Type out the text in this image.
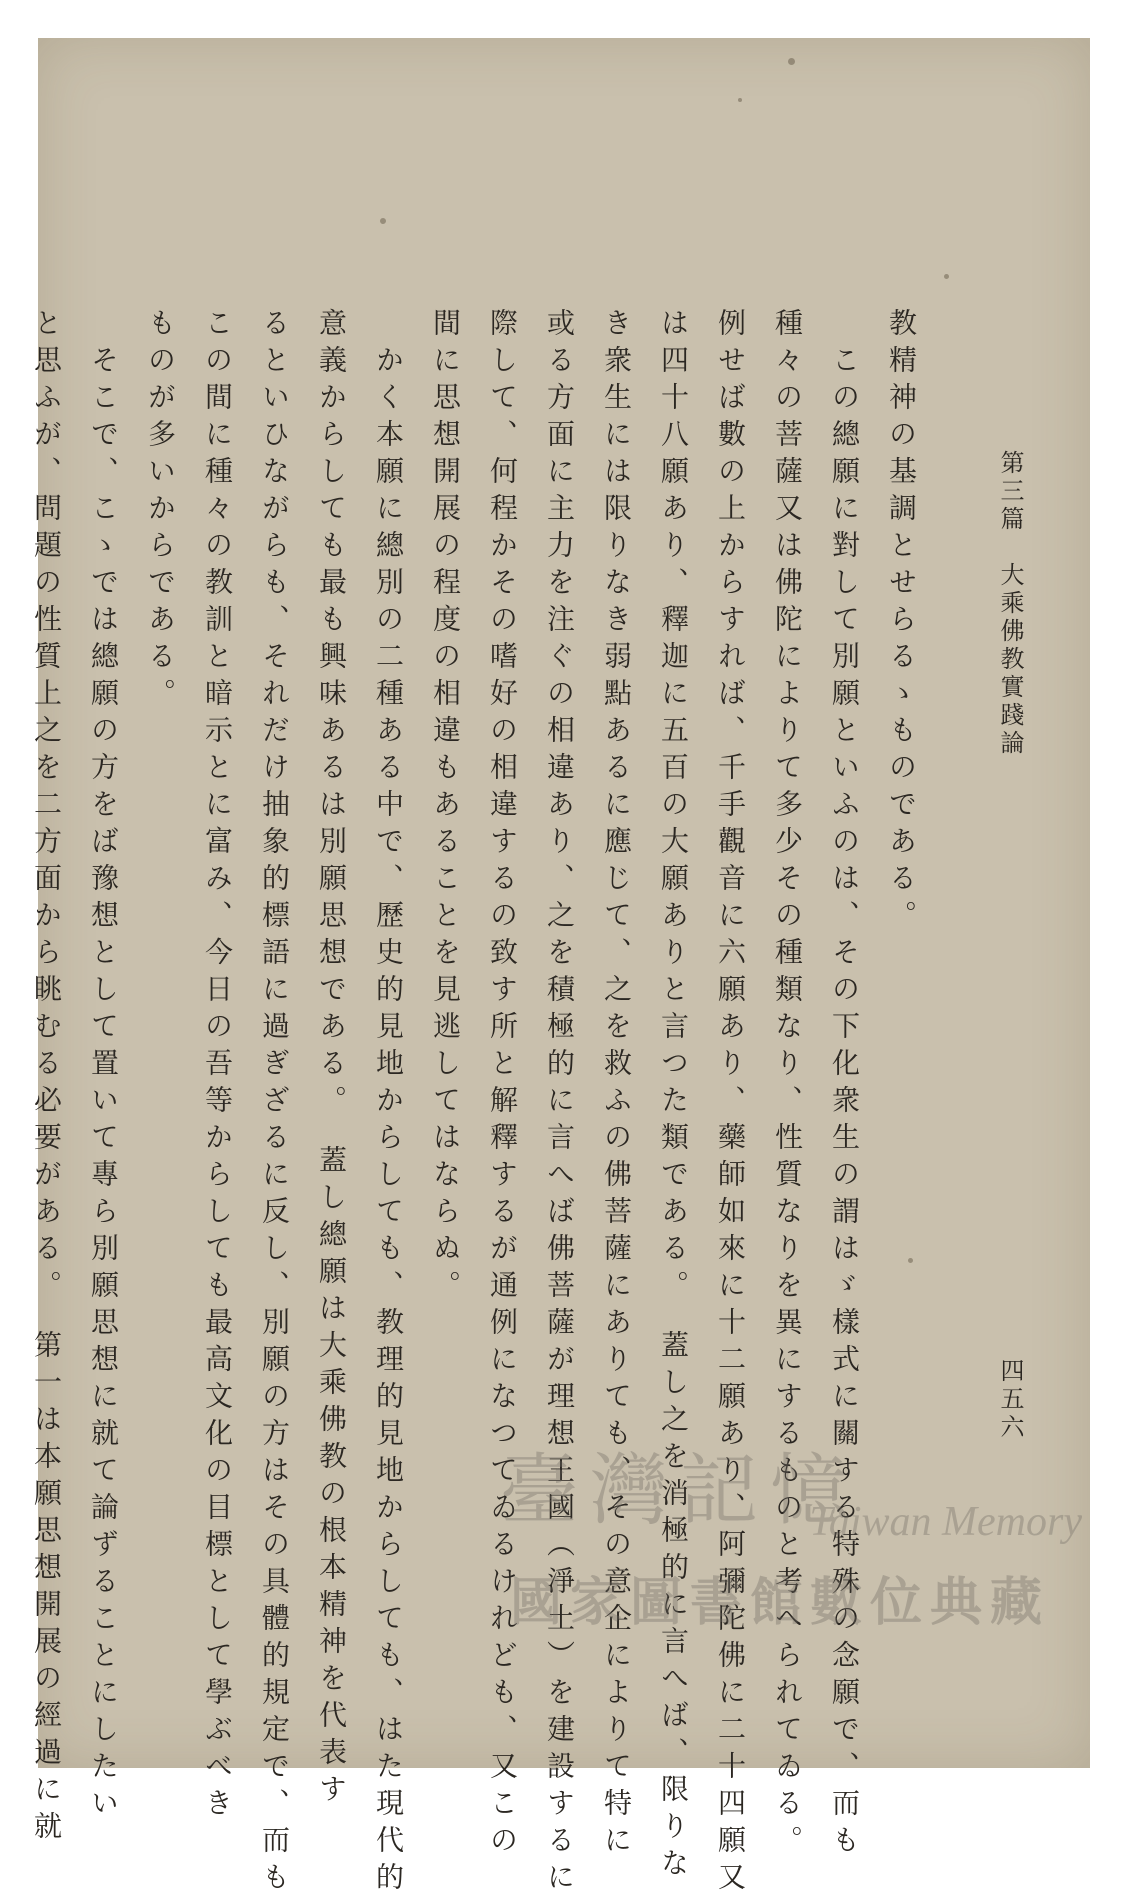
第三篇　大乘佛教實踐論
教精神の基調とせらるゝものである。
　この總願に對して別願といふのは、その下化衆生の謂はゞ樣式に關する特殊の念願で、而も
種々の菩薩又は佛陀によりて多少その種類なり、性質なりを異にするものと考へられてゐる。
例せば數の上からすれば、千手觀音に六願あり、藥師如來に十二願あり、阿彌陀佛に二十四願又
は四十八願あり、釋迦に五百の大願ありと言つた類である。　蓋し之を消極的に言へば、限りな
き衆生には限りなき弱點あるに應じて、之を救ふの佛菩薩にありても、その意企によりて特に
或る方面に主力を注ぐの相違あり、之を積極的に言へば佛菩薩が理想王國（淨土）を建設するに
際して、何程かその嗜好の相違するの致す所と解釋するが通例になつてゐるけれども、又この
間に思想開展の程度の相違もあることを見逃してはならぬ。
　かく本願に總別の二種ある中で、歷史的見地からしても、教理的見地からしても、はた現代的
意義からしても最も興味あるは別願思想である。　蓋し總願は大乘佛教の根本精神を代表す
るといひながらも、それだけ抽象的標語に過ぎざるに反し、別願の方はその具體的規定で、而も
この間に種々の教訓と暗示とに富み、今日の吾等からしても最高文化の目標として學ぶべき
ものが多いからである。
　そこで、こゝでは總願の方をば豫想として置いて專ら別願思想に就て論ずることにしたい
と思ふが、問題の性質上之を二方面から眺むる必要がある。　第一は本願思想開展の經過に就	四五六
臺灣記憶
Taiwan Memory
國家圖書館數位典藏
